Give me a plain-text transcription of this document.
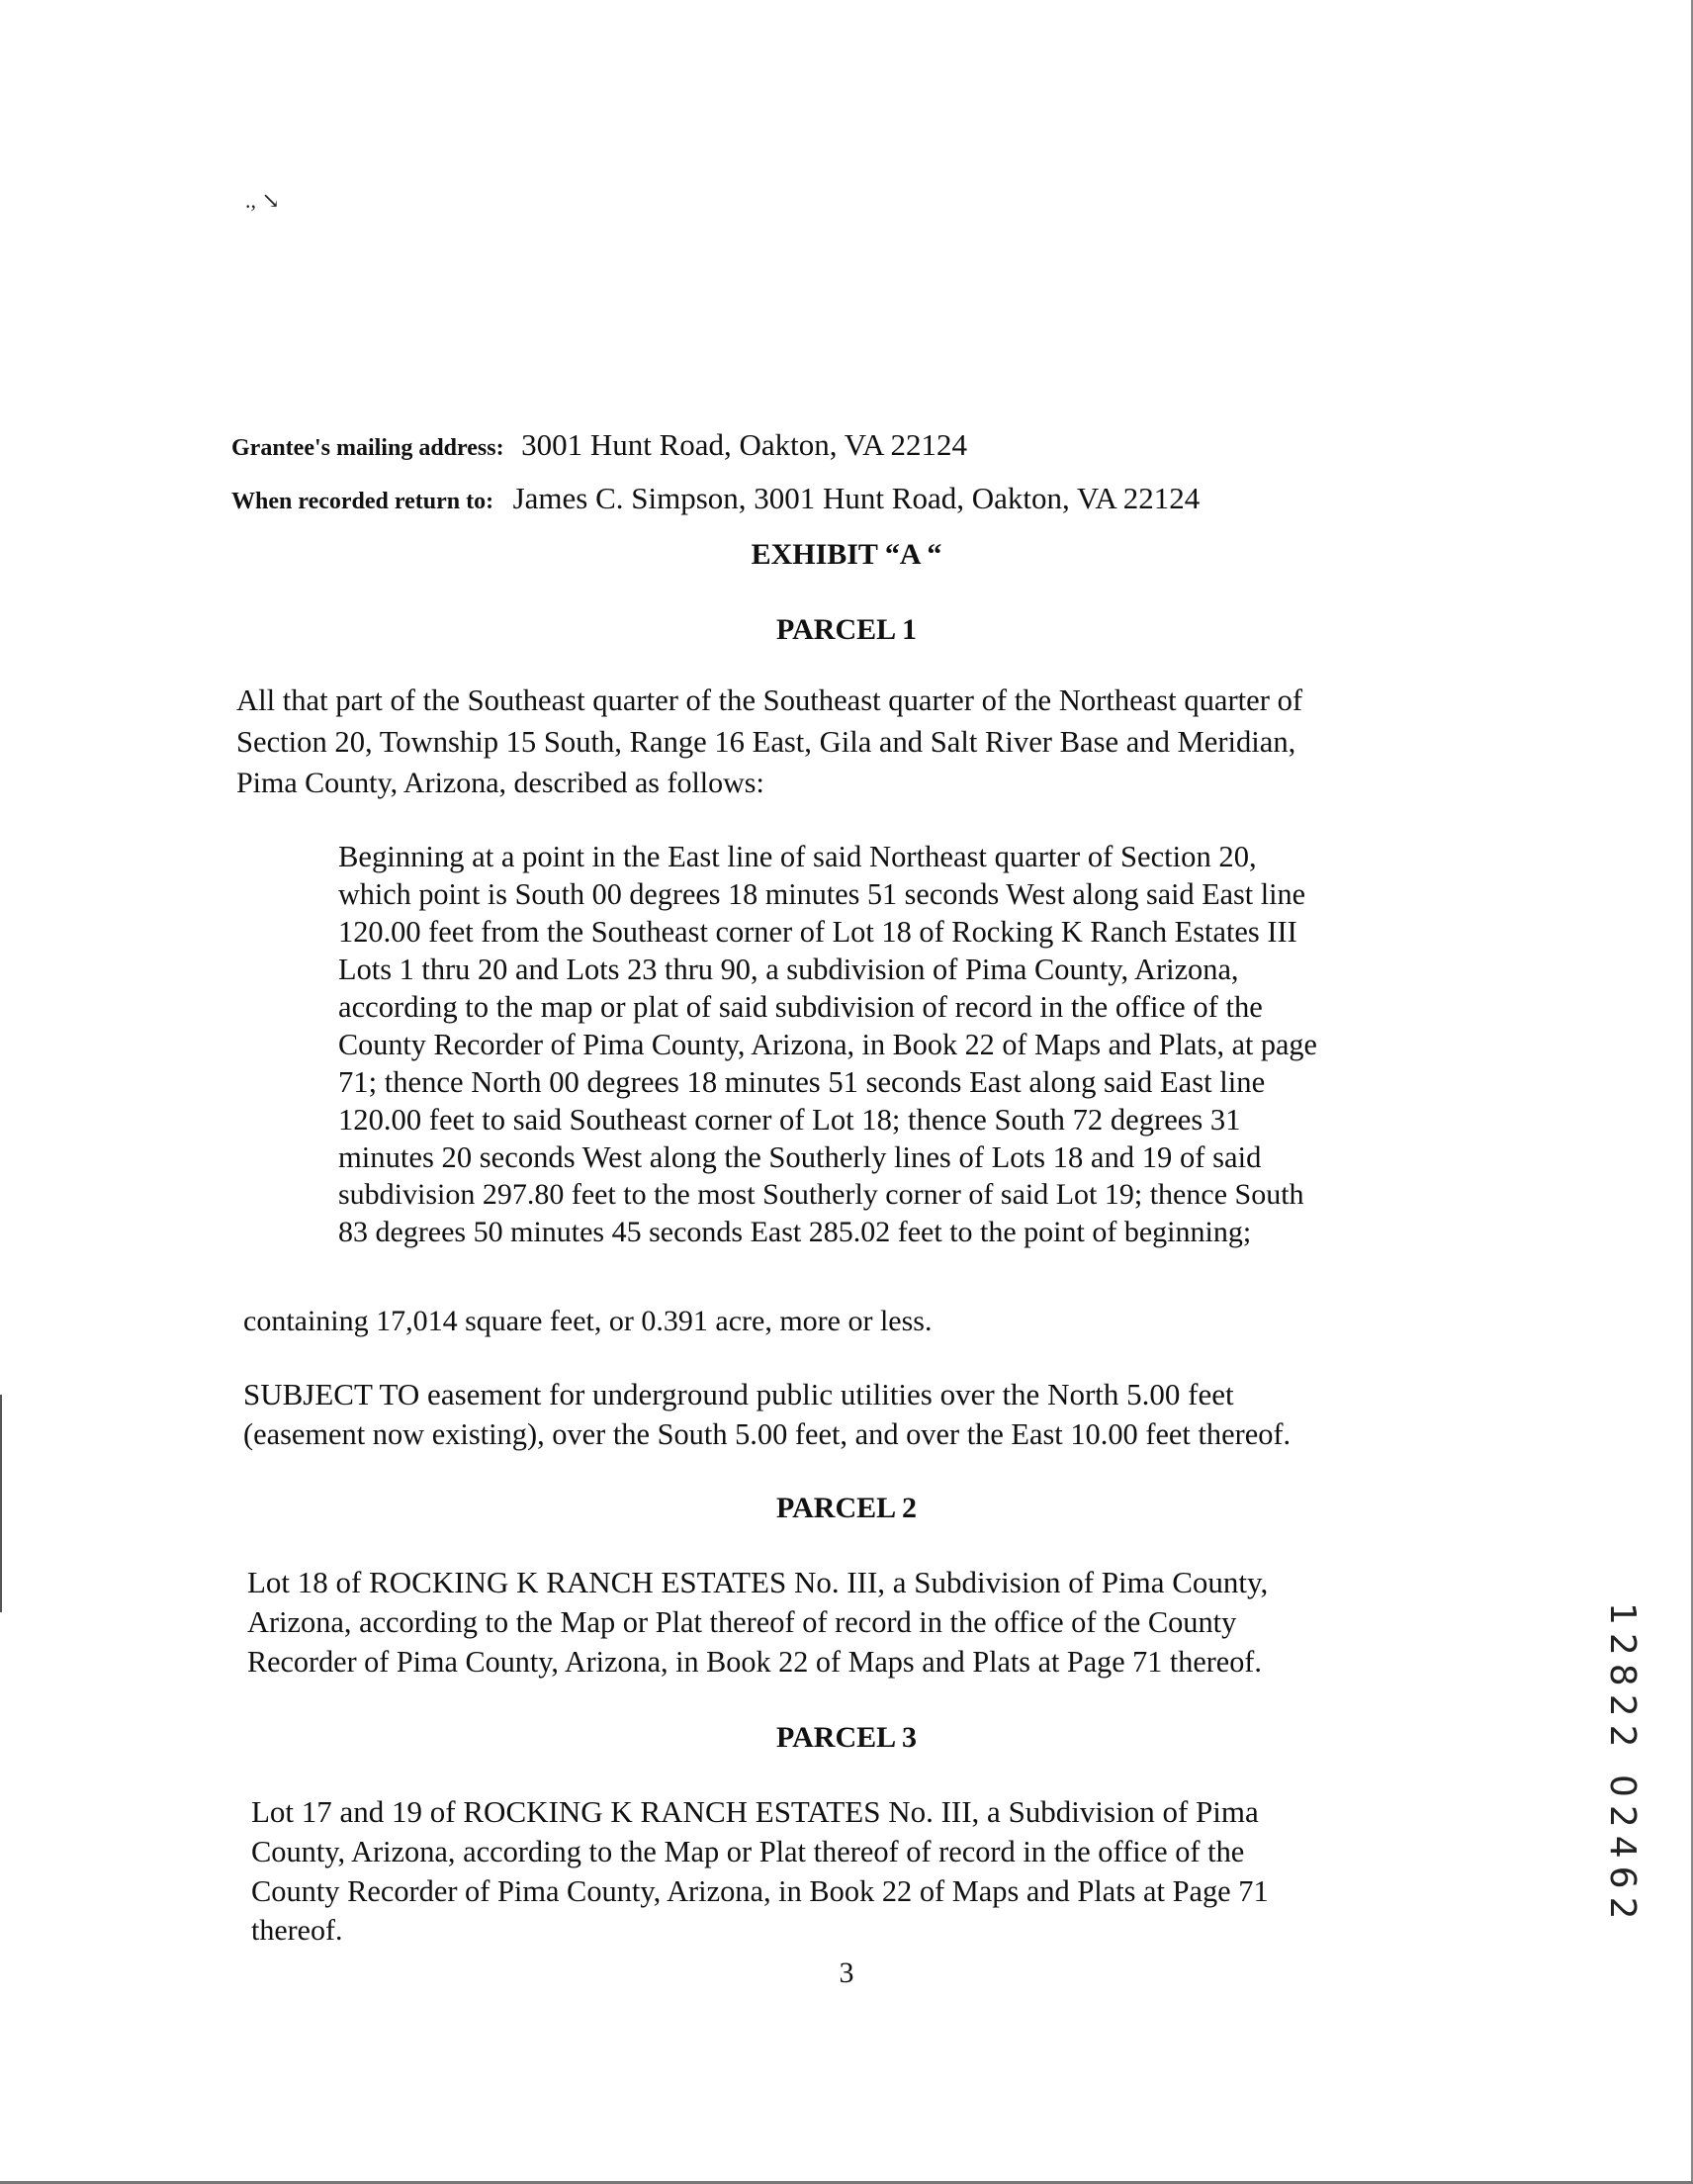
., ↘
Grantee's mailing address: 3001 Hunt Road, Oakton, VA 22124
When recorded return to: James C. Simpson, 3001 Hunt Road, Oakton, VA 22124
EXHIBIT “A “
PARCEL 1
All that part of the Southeast quarter of the Southeast quarter of the Northeast quarter of
Section 20, Township 15 South, Range 16 East, Gila and Salt River Base and Meridian,
Pima County, Arizona, described as follows:
Beginning at a point in the East line of said Northeast quarter of Section 20,
which point is South 00 degrees 18 minutes 51 seconds West along said East line
120.00 feet from the Southeast corner of Lot 18 of Rocking K Ranch Estates III
Lots 1 thru 20 and Lots 23 thru 90, a subdivision of Pima County, Arizona,
according to the map or plat of said subdivision of record in the office of the
County Recorder of Pima County, Arizona, in Book 22 of Maps and Plats, at page
71; thence North 00 degrees 18 minutes 51 seconds East along said East line
120.00 feet to said Southeast corner of Lot 18; thence South 72 degrees 31
minutes 20 seconds West along the Southerly lines of Lots 18 and 19 of said
subdivision 297.80 feet to the most Southerly corner of said Lot 19; thence South
83 degrees 50 minutes 45 seconds East 285.02 feet to the point of beginning;
containing 17,014 square feet, or 0.391 acre, more or less.
SUBJECT TO easement for underground public utilities over the North 5.00 feet
(easement now existing), over the South 5.00 feet, and over the East 10.00 feet thereof.
PARCEL 2
Lot 18 of ROCKING K RANCH ESTATES No. III, a Subdivision of Pima County,
Arizona, according to the Map or Plat thereof of record in the office of the County
Recorder of Pima County, Arizona, in Book 22 of Maps and Plats at Page 71 thereof.
PARCEL 3
Lot 17 and 19 of ROCKING K RANCH ESTATES No. III, a Subdivision of Pima
County, Arizona, according to the Map or Plat thereof of record in the office of the
County Recorder of Pima County, Arizona, in Book 22 of Maps and Plats at Page 71
thereof.
3
12822 02462
